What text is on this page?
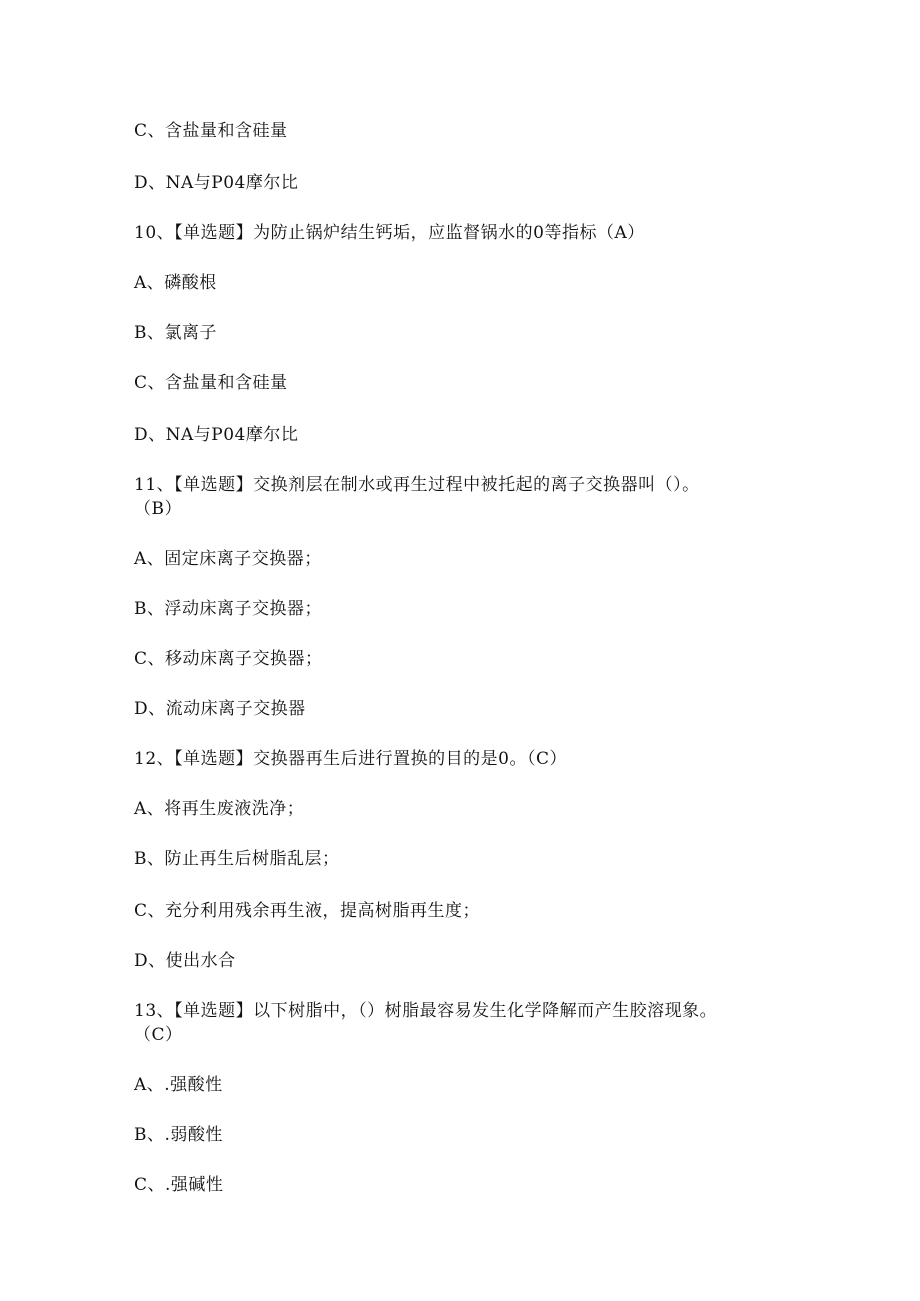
C、含盐量和含硅量
D、NA与P04摩尔比
10、【单选题】为防止锅炉结生钙垢，应监督锅水的0等指标（A）
A、磷酸根
B、氯离子
C、含盐量和含硅量
D、NA与P04摩尔比
11、【单选题】交换剂层在制水或再生过程中被托起的离子交换器叫（）。
（B）
A、固定床离子交换器；
B、浮动床离子交换器；
C、移动床离子交换器；
D、流动床离子交换器
12、【单选题】交换器再生后进行置换的目的是0。（C）
A、将再生废液洗净；
B、防止再生后树脂乱层；
C、充分利用残余再生液，提高树脂再生度；
D、使出水合
13、【单选题】以下树脂中，（）树脂最容易发生化学降解而产生胶溶现象。
（C）
A、.强酸性
B、.弱酸性
C、.强碱性
